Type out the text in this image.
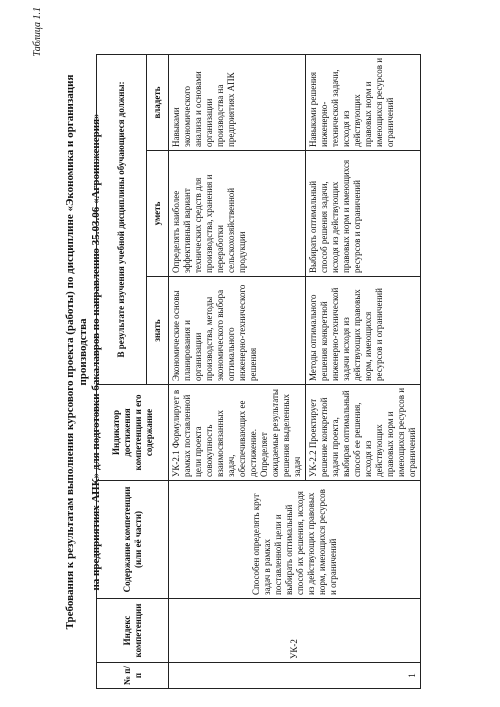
Таблица 1.1
Требования к результатам выполнения курсового проекта (работы) по дисциплине «Экономика и организация производства на предприятиях АПК» для подготовки бакалавров по направлению 35.03.06 «Агроинженерия»
№ п/п	Индекс компетенции	Содержание компетенции (или её части)	Индикатор достижения компетенции и его содержание	В результате изучения учебной дисциплины обучающиеся должны:		
				знать	уметь	владеть
1	УК-2	Способен определять круг задач в рамках поставленной цели и выбирать оптимальный способ их решения, исходя из действующих правовых норм, имеющихся ресурсов и ограничений	УК-2.1 Формулирует в рамках поставленной цели проекта совокупность взаимосвязанных задач, обеспечивающих ее достижение. Определяет ожидаемые результаты решения выделенных задач	Экономические основы планирования и организации производства, методы экономического выбора оптимального инженерно-технического решения	Определять наиболее эффективный вариант технических средств для производства, хранения и переработки сельскохозяйственной продукции	Навыками экономического анализа и основами организации производства на предприятиях АПК
			УК-2.2 Проектирует решение конкретной задачи проекта, выбирая оптимальный способ ее решения, исходя из действующих правовых норм и имеющихся ресурсов и ограничений	Методы оптимального решения конкретной инженерно-технической задачи исходя из действующих правовых норм, имеющихся ресурсов и ограничений	Выбирать оптимальный способ решения задачи, исходя из действующих правовых норм и имеющихся ресурсов и ограничений	Навыками решения инженерно-технической задачи, исходя из действующих правовых норм и имеющихся ресурсов и ограничений
